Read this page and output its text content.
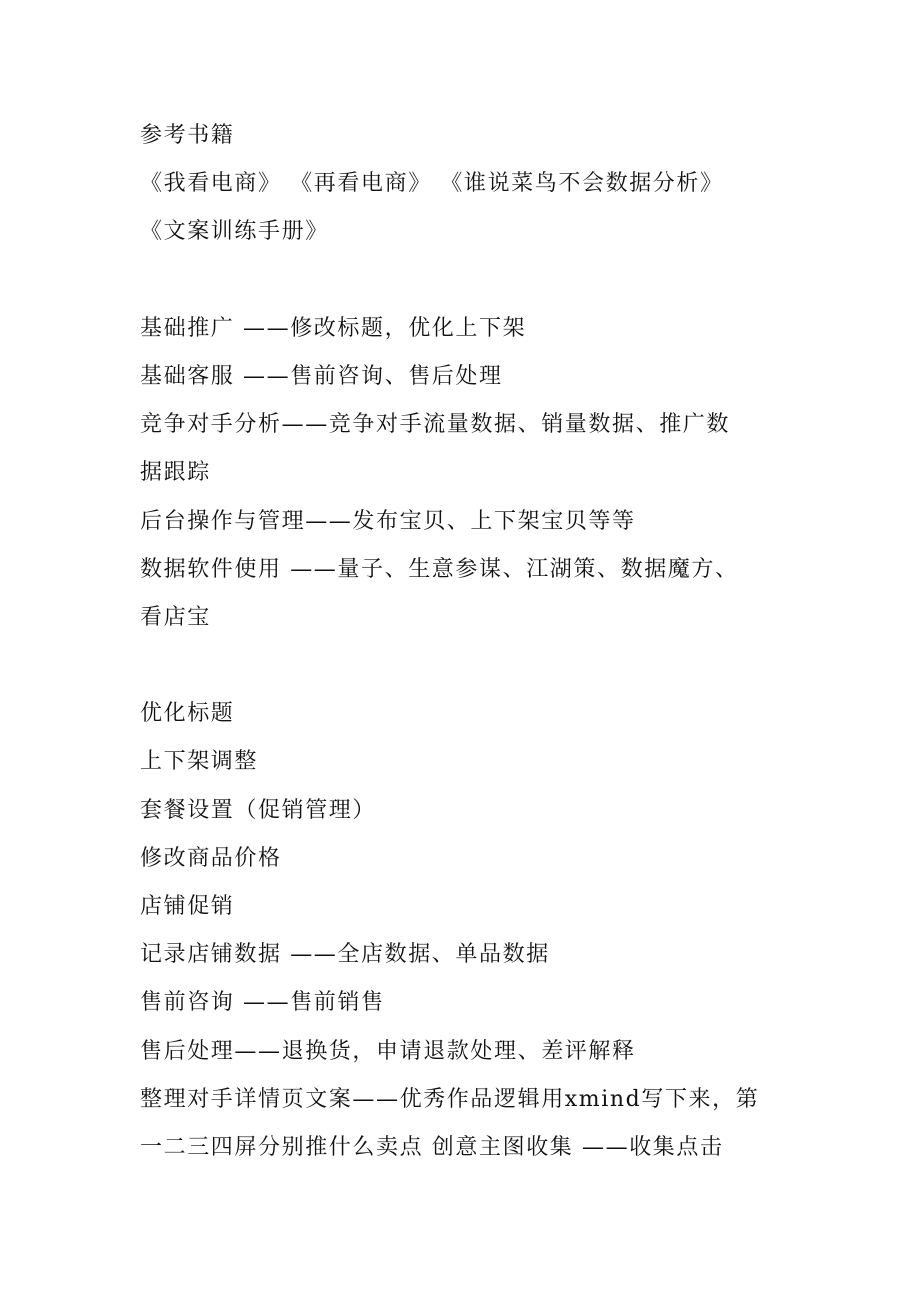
参考书籍
《我看电商》 《再看电商》 《谁说菜鸟不会数据分析》
《文案训练手册》
基础推广 ——修改标题，优化上下架
基础客服 ——售前咨询、售后处理
竞争对手分析——竞争对手流量数据、销量数据、推广数
据跟踪
后台操作与管理——发布宝贝、上下架宝贝等等
数据软件使用 ——量子、生意参谋、江湖策、数据魔方、
看店宝
优化标题
上下架调整
套餐设置（促销管理）
修改商品价格
店铺促销
记录店铺数据 ——全店数据、单品数据
售前咨询 ——售前销售
售后处理——退换货，申请退款处理、差评解释
整理对手详情页文案——优秀作品逻辑用xmind写下来，第
一二三四屏分别推什么卖点 创意主图收集 ——收集点击
